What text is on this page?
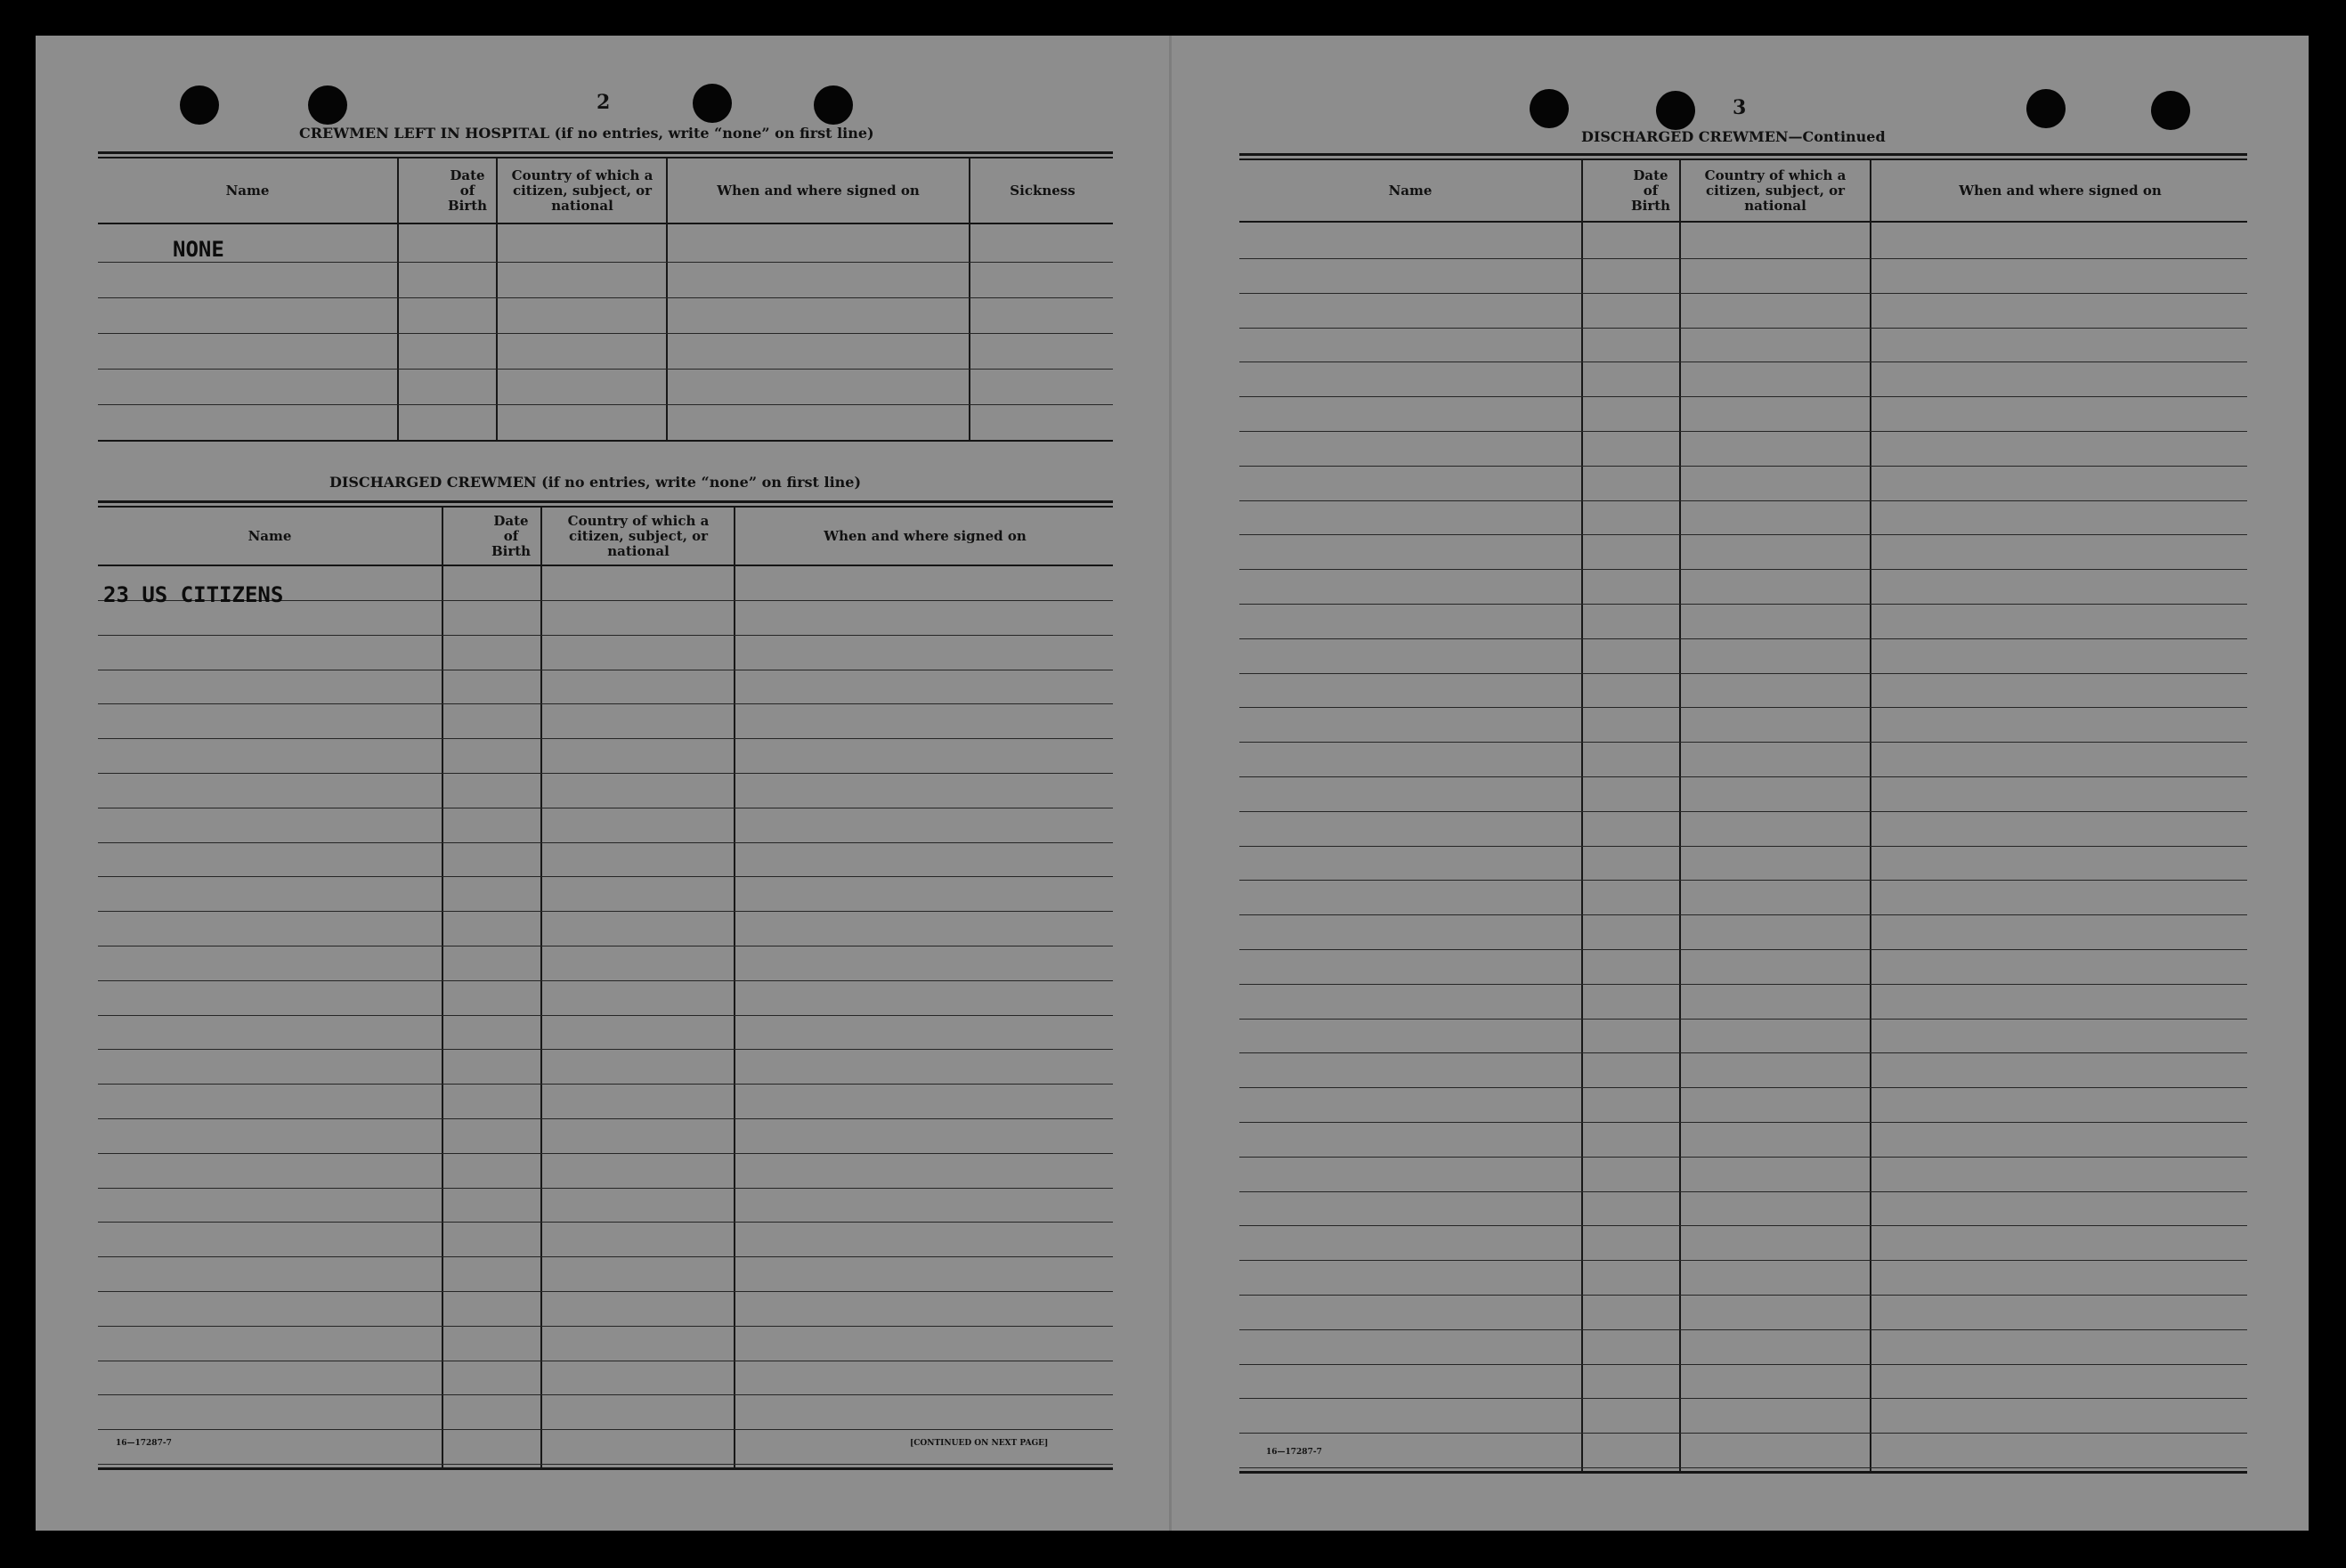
2
CREWMEN LEFT IN HOSPITAL (if no entries, write “none” on first line)
Name
Date of Birth
Country of which a citizen, subject, or national
When and where signed on	Sickness
NONE
DISCHARGED CREWMEN (if no entries, write “none” on first line)
Name
Date of Birth
Country of which a citizen, subject, or national
When and where signed on
23 US CITIZENS
16—17287-7	[CONTINUED ON NEXT PAGE]
3
DISCHARGED CREWMEN—Continued
Name
Date of Birth
Country of which a citizen, subject, or national
When and where signed on
16—17287-7
